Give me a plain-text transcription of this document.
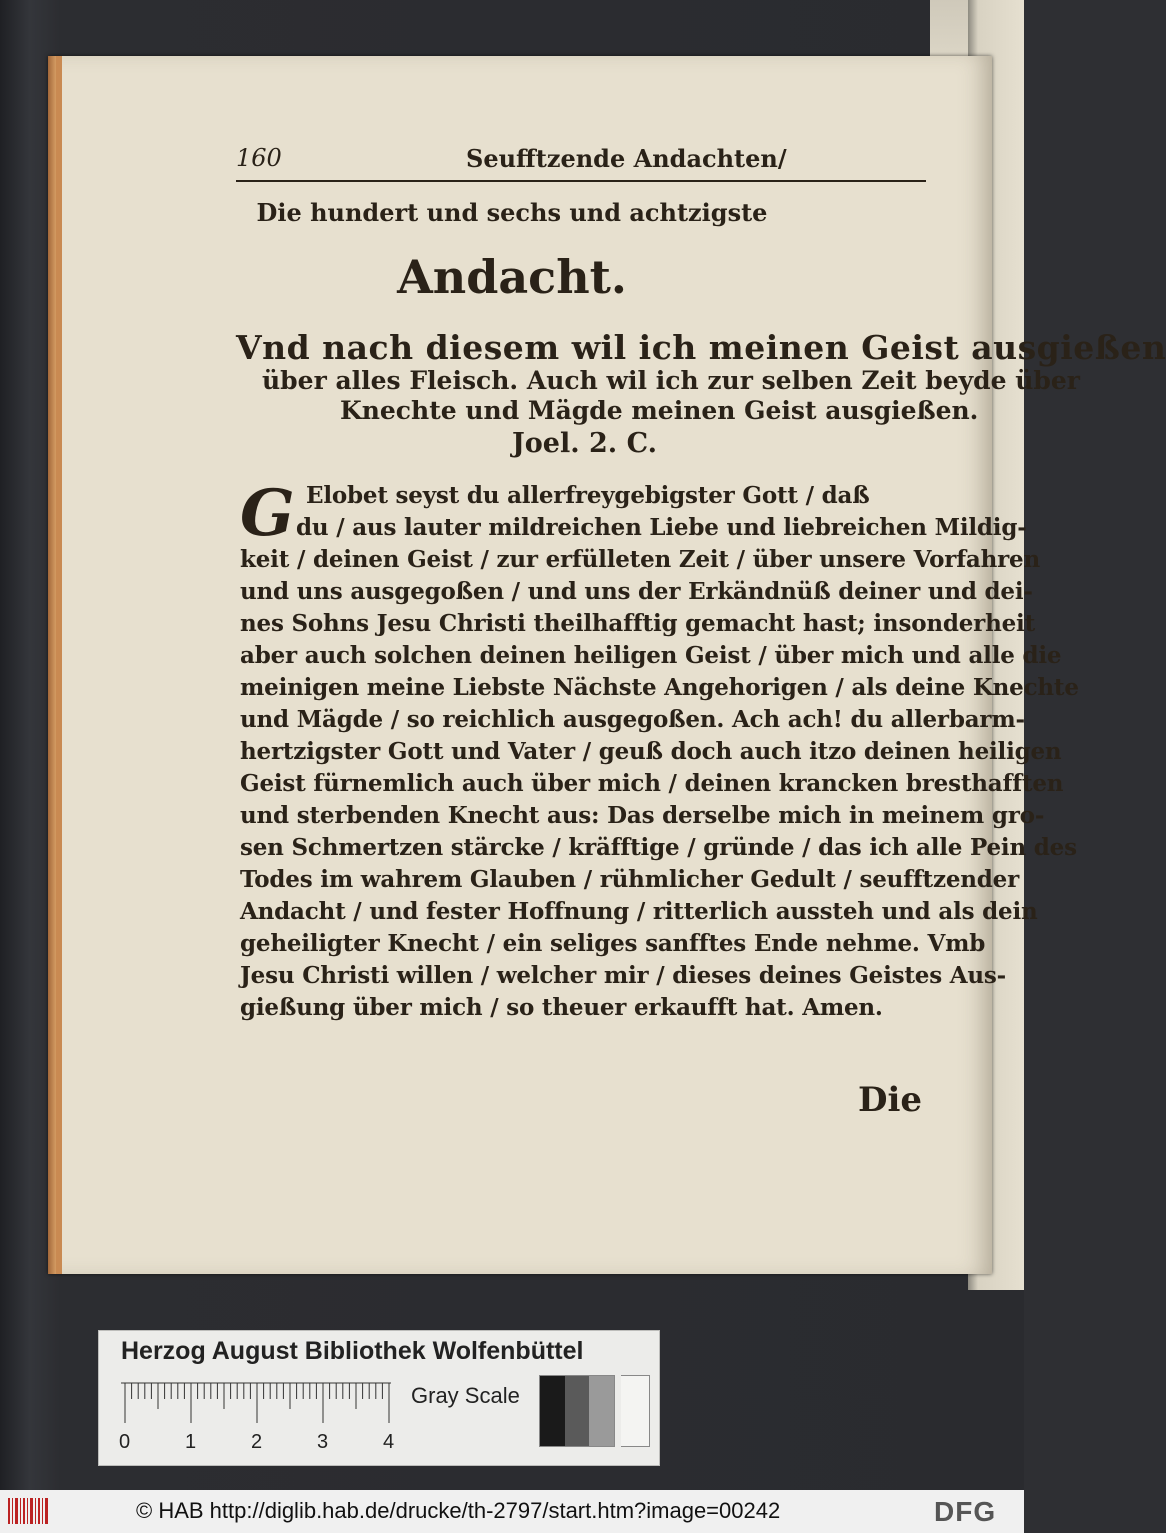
160	Seufftzende Andachten/
Die hundert und sechs und achtzigste
Andacht.
Vnd nach diesem wil ich meinen Geist ausgießen
über alles Fleisch. Auch wil ich zur selben Zeit beyde über
Knechte und Mägde meinen Geist ausgießen.
Joel. 2. C.
G Elobet seyst du allerfreygebigster Gott / daß
du / aus lauter mildreichen Liebe und liebreichen Mildig-
keit / deinen Geist / zur erfülleten Zeit / über unsere Vorfahren
und uns ausgegoßen / und uns der Erkändnüß deiner und dei-
nes Sohns Jesu Christi theilhafftig gemacht hast; insonderheit
aber auch solchen deinen heiligen Geist / über mich und alle die
meinigen meine Liebste Nächste Angehorigen / als deine Knechte
und Mägde / so reichlich ausgegoßen. Ach ach! du allerbarm-
hertzigster Gott und Vater / geuß doch auch itzo deinen heiligen
Geist fürnemlich auch über mich / deinen krancken bresthafften
und sterbenden Knecht aus: Das derselbe mich in meinem gro-
sen Schmertzen stärcke / kräfftige / gründe / das ich alle Pein des
Todes im wahrem Glauben / rühmlicher Gedult / seufftzender
Andacht / und fester Hoffnung / ritterlich aussteh und als dein
geheiligter Knecht / ein seliges sanfftes Ende nehme. Vmb
Jesu Christi willen / welcher mir / dieses deines Geistes Aus-
gießung über mich / so theuer erkaufft hat. Amen.
Die
Herzog August Bibliothek Wolfenbüttel
0	1	2	3	4
Gray Scale
© HAB http://diglib.hab.de/drucke/th-2797/start.htm?image=00242	DFG
